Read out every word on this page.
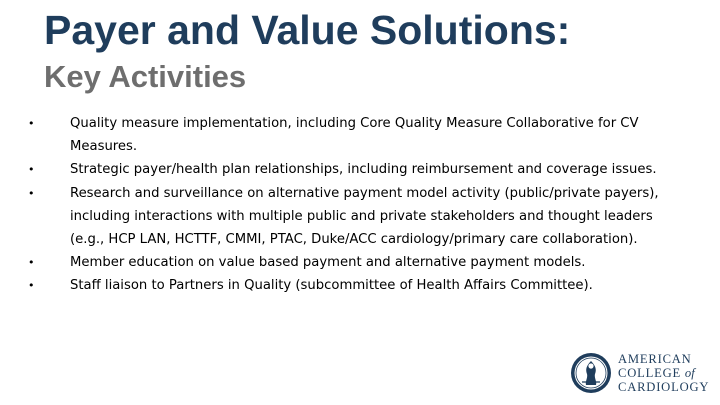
Payer and Value Solutions:
Key Activities
•	Quality measure implementation, including Core Quality Measure Collaborative for CV Measures.
•	Strategic payer/health plan relationships, including reimbursement and coverage issues.
•	Research and surveillance on alternative payment model activity (public/private payers), including interactions with multiple public and private stakeholders and thought leaders (e.g., HCP LAN, HCTTF, CMMI, PTAC, Duke/ACC cardiology/primary care collaboration).
•	Member education on value based payment and alternative payment models.
•	Staff liaison to Partners in Quality (subcommittee of Health Affairs Committee).
AMERICAN
COLLEGE of
CARDIOLOGY
